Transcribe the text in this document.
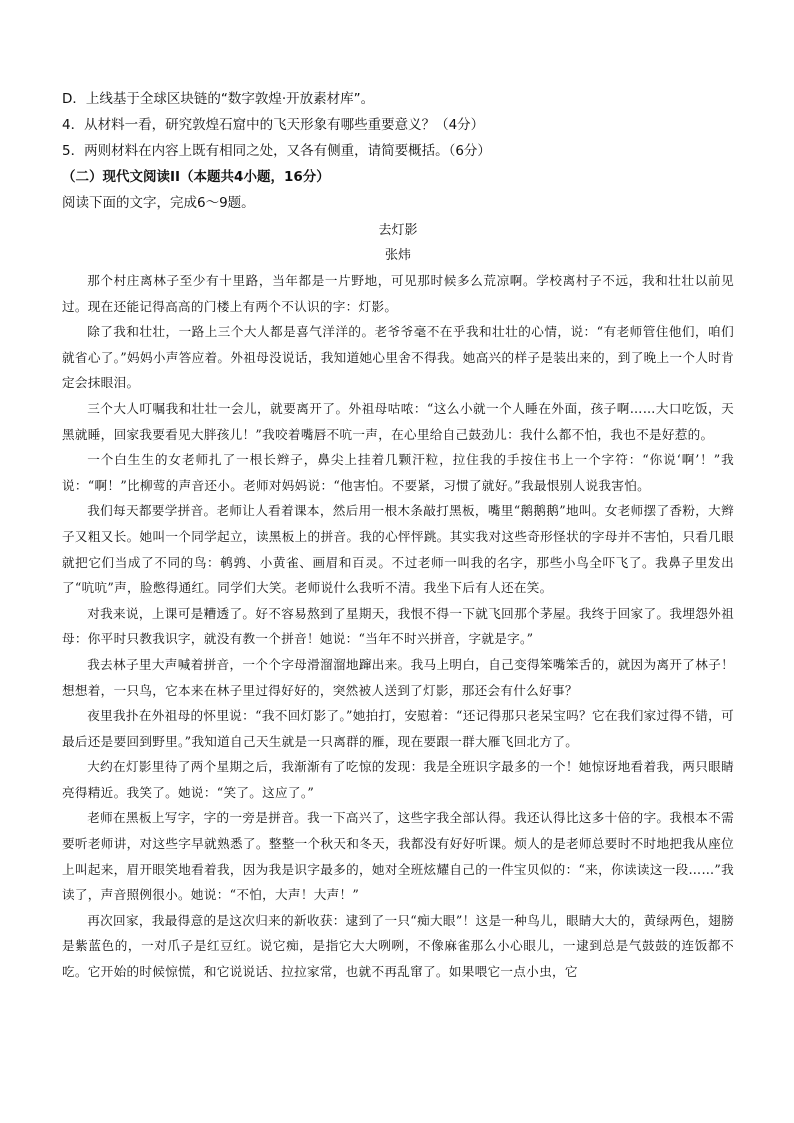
D．上线基于全球区块链的“数字敦煌·开放素材库”。

4．从材料一看，研究敦煌石窟中的飞天形象有哪些重要意义？（4分）

5．两则材料在内容上既有相同之处，又各有侧重，请简要概括。（6分）

（二）现代文阅读II（本题共4小题，16分）

阅读下面的文字，完成6～9题。

去灯影

张炜

那个村庄离林子至少有十里路，当年都是一片野地，可见那时候多么荒凉啊。学校离村子不远，我和壮壮以前见过。现在还能记得高高的门楼上有两个不认识的字：灯影。

除了我和壮壮，一路上三个大人都是喜气洋洋的。老爷爷毫不在乎我和壮壮的心情，说：“有老师管住他们，咱们就省心了。”妈妈小声答应着。外祖母没说话，我知道她心里舍不得我。她高兴的样子是装出来的，到了晚上一个人时肯定会抹眼泪。

三个大人叮嘱我和壮壮一会儿，就要离开了。外祖母咕哝：“这么小就一个人睡在外面，孩子啊……大口吃饭，天黑就睡，回家我要看见大胖孩儿！”我咬着嘴唇不吭一声，在心里给自己鼓劲儿：我什么都不怕，我也不是好惹的。

一个白生生的女老师扎了一根长辫子，鼻尖上挂着几颗汗粒，拉住我的手按住书上一个字符：“你说‘啊’！”我说：“啊！”比柳莺的声音还小。老师对妈妈说：“他害怕。不要紧，习惯了就好。”我最恨别人说我害怕。

我们每天都要学拼音。老师让人看着课本，然后用一根木条敲打黑板，嘴里“鹅鹅鹅”地叫。女老师摆了香粉，大辫子又粗又长。她叫一个同学起立，读黑板上的拼音。我的心怦怦跳。其实我对这些奇形怪状的字母并不害怕，只看几眼就把它们当成了不同的鸟：鹌鹑、小黄雀、画眉和百灵。不过老师一叫我的名字，那些小鸟全吓飞了。我鼻子里发出了“吭吭”声，脸憋得通红。同学们大笑。老师说什么我听不清。我坐下后有人还在笑。

对我来说，上课可是糟透了。好不容易熬到了星期天，我恨不得一下就飞回那个茅屋。我终于回家了。我埋怨外祖母：你平时只教我识字，就没有教一个拼音！她说：“当年不时兴拼音，字就是字。”

我去林子里大声喊着拼音，一个个字母滑溜溜地蹿出来。我马上明白，自己变得笨嘴笨舌的，就因为离开了林子！想想着，一只鸟，它本来在林子里过得好好的，突然被人送到了灯影，那还会有什么好事？

夜里我扑在外祖母的怀里说：“我不回灯影了。”她拍打，安慰着：“还记得那只老呆宝吗？它在我们家过得不错，可最后还是要回到野里。”我知道自己天生就是一只离群的雁，现在要跟一群大雁飞回北方了。

大约在灯影里待了两个星期之后，我渐渐有了吃惊的发现：我是全班识字最多的一个！她惊讶地看着我，两只眼睛亮得精近。我笑了。她说：“笑了。这应了。”

老师在黑板上写字，字的一旁是拼音。我一下高兴了，这些字我全部认得。我还认得比这多十倍的字。我根本不需要听老师讲，对这些字早就熟悉了。整整一个秋天和冬天，我都没有好好听课。烦人的是老师总要时不时地把我从座位上叫起来，眉开眼笑地看着我，因为我是识字最多的，她对全班炫耀自己的一件宝贝似的：“来，你读读这一段……”我读了，声音照例很小。她说：“不怕，大声！大声！”

再次回家，我最得意的是这次归来的新收获：逮到了一只“痴大眼”！这是一种鸟儿，眼睛大大的，黄绿两色，翅膀是紫蓝色的，一对爪子是红豆红。说它痴，是指它大大咧咧，不像麻雀那么小心眼儿，一逮到总是气鼓鼓的连饭都不吃。它开始的时候惊慌，和它说说话、拉拉家常，也就不再乱窜了。如果喂它一点小虫，它
